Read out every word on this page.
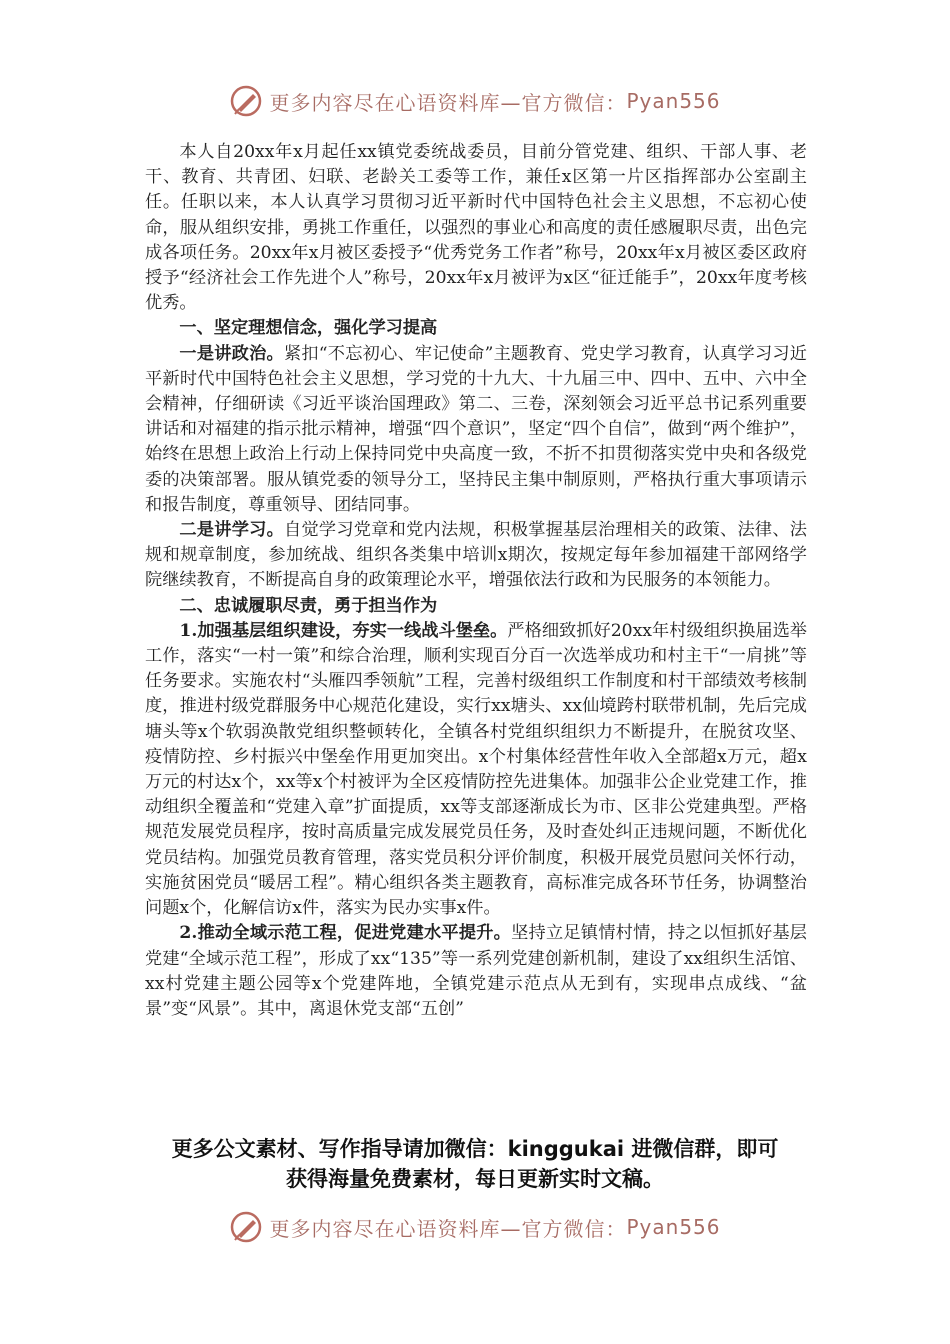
更多内容尽在心语资料库—官方微信： Pyan556

本人自20xx年x月起任xx镇党委统战委员，目前分管党建、组织、干部人事、老干、教育、共青团、妇联、老龄关工委等工作，兼任x区第一片区指挥部办公室副主任。任职以来，本人认真学习贯彻习近平新时代中国特色社会主义思想，不忘初心使命，服从组织安排，勇挑工作重任，以强烈的事业心和高度的责任感履职尽责，出色完成各项任务。20xx年x月被区委授予“优秀党务工作者”称号，20xx年x月被区委区政府授予“经济社会工作先进个人”称号，20xx年x月被评为x区“征迁能手”，20xx年度考核优秀。

一、坚定理想信念，强化学习提高

一是讲政治。紧扣“不忘初心、牢记使命”主题教育、党史学习教育，认真学习习近平新时代中国特色社会主义思想，学习党的十九大、十九届三中、四中、五中、六中全会精神，仔细研读《习近平谈治国理政》第二、三卷，深刻领会习近平总书记系列重要讲话和对福建的指示批示精神，增强“四个意识”，坚定“四个自信”，做到“两个维护”，始终在思想上政治上行动上保持同党中央高度一致，不折不扣贯彻落实党中央和各级党委的决策部署。服从镇党委的领导分工，坚持民主集中制原则，严格执行重大事项请示和报告制度，尊重领导、团结同事。

二是讲学习。自觉学习党章和党内法规，积极掌握基层治理相关的政策、法律、法规和规章制度，参加统战、组织各类集中培训x期次，按规定每年参加福建干部网络学院继续教育，不断提高自身的政策理论水平，增强依法行政和为民服务的本领能力。

二、忠诚履职尽责，勇于担当作为

1.加强基层组织建设，夯实一线战斗堡垒。严格细致抓好20xx年村级组织换届选举工作，落实“一村一策”和综合治理，顺利实现百分百一次选举成功和村主干“一肩挑”等任务要求。实施农村“头雁四季领航”工程，完善村级组织工作制度和村干部绩效考核制度，推进村级党群服务中心规范化建设，实行xx塘头、xx仙境跨村联带机制，先后完成塘头等x个软弱涣散党组织整顿转化，全镇各村党组织组织力不断提升，在脱贫攻坚、疫情防控、乡村振兴中堡垒作用更加突出。x个村集体经营性年收入全部超x万元，超x万元的村达x个，xx等x个村被评为全区疫情防控先进集体。加强非公企业党建工作，推动组织全覆盖和“党建入章”扩面提质，xx等支部逐渐成长为市、区非公党建典型。严格规范发展党员程序，按时高质量完成发展党员任务，及时查处纠正违规问题，不断优化党员结构。加强党员教育管理，落实党员积分评价制度，积极开展党员慰问关怀行动，实施贫困党员“暖居工程”。精心组织各类主题教育，高标准完成各环节任务，协调整治问题x个，化解信访x件，落实为民办实事x件。

2.推动全域示范工程，促进党建水平提升。坚持立足镇情村情，持之以恒抓好基层党建“全域示范工程”，形成了xx“135”等一系列党建创新机制，建设了xx组织生活馆、xx村党建主题公园等x个党建阵地，全镇党建示范点从无到有，实现串点成线、“盆景”变“风景”。其中，离退休党支部“五创”

更多公文素材、写作指导请加微信：kinggukai 进微信群，即可
获得海量免费素材，每日更新实时文稿。
更多内容尽在心语资料库—官方微信： Pyan556
